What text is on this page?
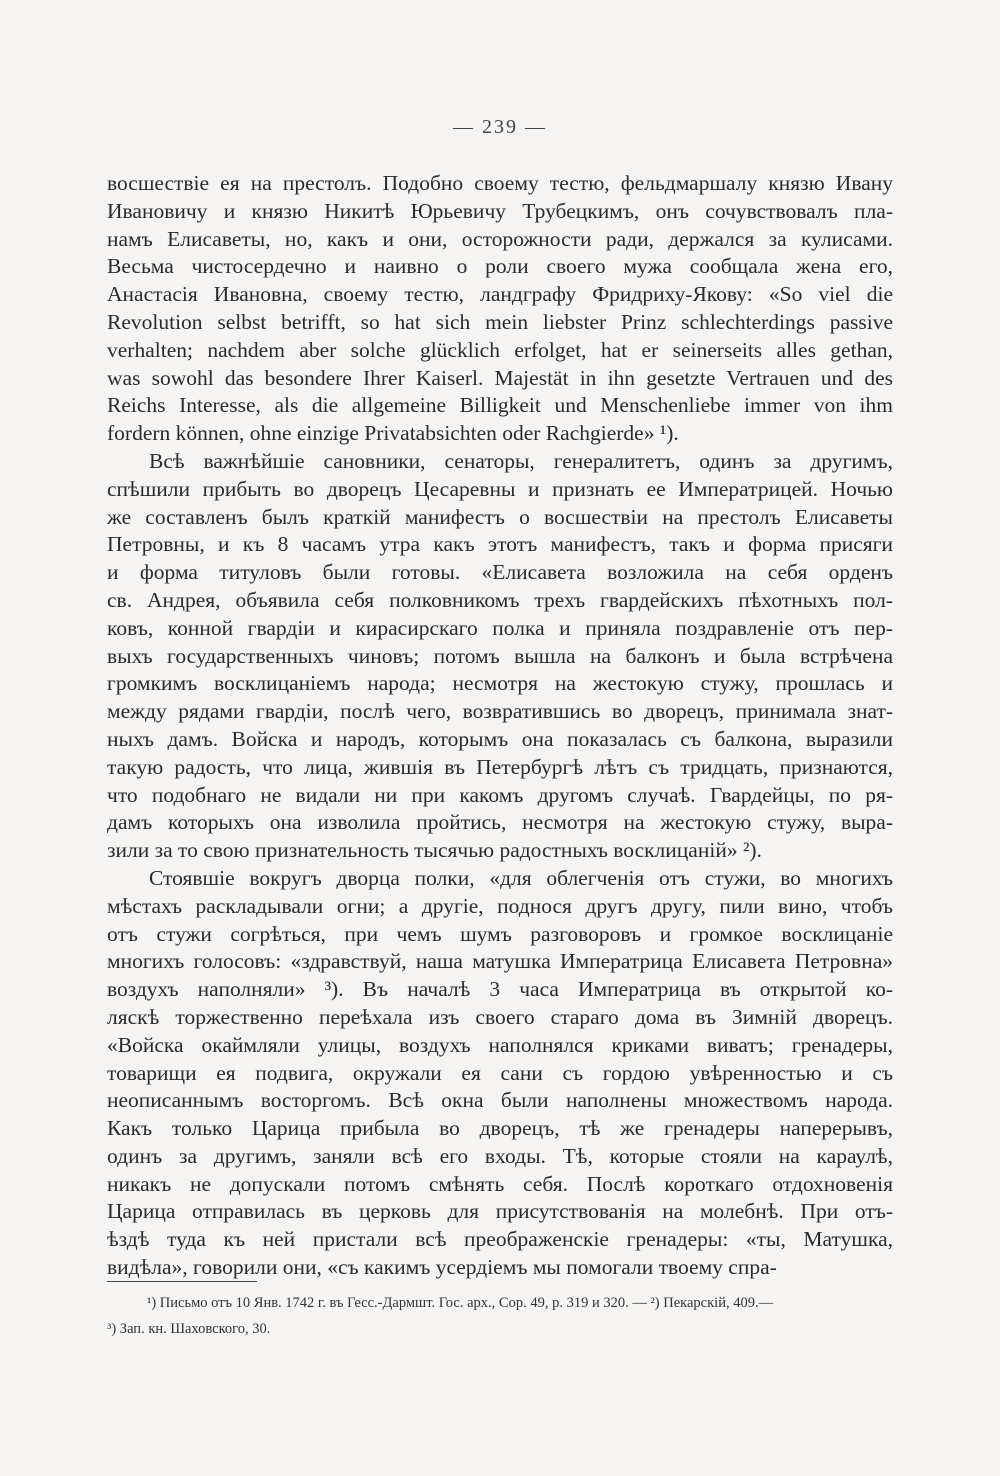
— 239 —

восшествіе ея на престолъ. Подобно своему тестю, фельдмаршалу князю Ивану
Ивановичу и князю Никитѣ Юрьевичу Трубецкимъ, онъ сочувствовалъ пла-
намъ Елисаветы, но, какъ и они, осторожности ради, держался за кулисами.
Весьма чистосердечно и наивно о роли своего мужа сообщала жена его,
Анастасія Ивановна, своему тестю, ландграфу Фридриху-Якову: «So viel die
Revolution selbst betrifft, so hat sich mein liebster Prinz schlechterdings passive
verhalten; nachdem aber solche glücklich erfolget, hat er seinerseits alles gethan,
was sowohl das besondere Ihrer Kaiserl. Majestät in ihn gesetzte Vertrauen und des
Reichs Interesse, als die allgemeine Billigkeit und Menschenliebe immer von ihm
fordern können, ohne einzige Privatabsichten oder Rachgierde» ¹).

Всѣ важнѣйшіе сановники, сенаторы, генералитетъ, одинъ за другимъ,
спѣшили прибыть во дворецъ Цесаревны и признать ее Императрицей. Ночью
же составленъ былъ краткій манифестъ о восшествіи на престолъ Елисаветы
Петровны, и къ 8 часамъ утра какъ этотъ манифестъ, такъ и форма присяги
и форма титуловъ были готовы. «Елисавета возложила на себя орденъ
св. Андрея, объявила себя полковникомъ трехъ гвардейскихъ пѣхотныхъ пол-
ковъ, конной гвардіи и кирасирскаго полка и приняла поздравленіе отъ пер-
выхъ государственныхъ чиновъ; потомъ вышла на балконъ и была встрѣчена
громкимъ восклицаніемъ народа; несмотря на жестокую стужу, прошлась и
между рядами гвардіи, послѣ чего, возвратившись во дворецъ, принимала знат-
ныхъ дамъ. Войска и народъ, которымъ она показалась съ балкона, выразили
такую радость, что лица, жившія въ Петербургѣ лѣтъ съ тридцать, признаются,
что подобнаго не видали ни при какомъ другомъ случаѣ. Гвардейцы, по ря-
дамъ которыхъ она изволила пройтись, несмотря на жестокую стужу, выра-
зили за то свою признательность тысячью радостныхъ восклицаній» ²).

Стоявшіе вокругъ дворца полки, «для облегченія отъ стужи, во многихъ
мѣстахъ раскладывали огни; а другіе, поднося другъ другу, пили вино, чтобъ
отъ стужи согрѣться, при чемъ шумъ разговоровъ и громкое восклицаніе
многихъ голосовъ: «здравствуй, наша матушка Императрица Елисавета Петровна»
воздухъ наполняли» ³). Въ началѣ 3 часа Императрица въ открытой ко-
ляскѣ торжественно переѣхала изъ своего стараго дома въ Зимній дворецъ.
«Войска окаймляли улицы, воздухъ наполнялся криками виватъ; гренадеры,
товарищи ея подвига, окружали ея сани съ гордою увѣренностью и съ
неописаннымъ восторгомъ. Всѣ окна были наполнены множествомъ народа.
Какъ только Царица прибыла во дворецъ, тѣ же гренадеры наперерывъ,
одинъ за другимъ, заняли всѣ его входы. Тѣ, которые стояли на караулѣ,
никакъ не допускали потомъ смѣнять себя. Послѣ короткаго отдохновенія
Царица отправилась въ церковь для присутствованія на молебнѣ. При отъ-
ѣздѣ туда къ ней пристали всѣ преображенскіе гренадеры: «ты, Матушка,
видѣла», говорили они, «съ какимъ усердіемъ мы помогали твоему спра-

¹) Письмо отъ 10 Янв. 1742 г. въ Гесс.-Дармшт. Гос. арх., Сор. 49, р. 319 и 320. — ²) Пекарскій, 409.—
³) Зап. кн. Шаховского, 30.
